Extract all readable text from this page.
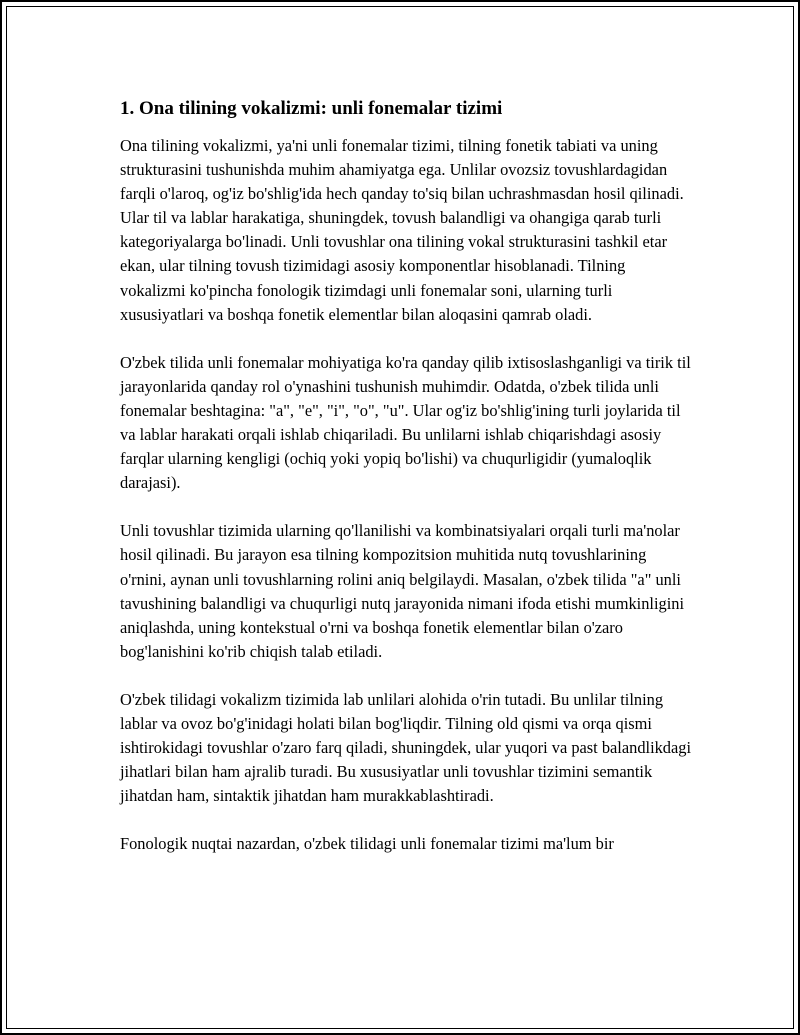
1. Ona tilining vokalizmi: unli fonemalar tizimi

Ona tilining vokalizmi, ya'ni unli fonemalar tizimi, tilning fonetik tabiati va uning strukturasini tushunishda muhim ahamiyatga ega. Unlilar ovozsiz tovushlardagidan farqli o'laroq, og'iz bo'shlig'ida hech qanday to'siq bilan uchrashmasdan hosil qilinadi. Ular til va lablar harakatiga, shuningdek, tovush balandligi va ohangiga qarab turli kategoriyalarga bo'linadi. Unli tovushlar ona tilining vokal strukturasini tashkil etar ekan, ular tilning tovush tizimidagi asosiy komponentlar hisoblanadi. Tilning vokalizmi ko'pincha fonologik tizimdagi unli fonemalar soni, ularning turli xususiyatlari va boshqa fonetik elementlar bilan aloqasini qamrab oladi.

O'zbek tilida unli fonemalar mohiyatiga ko'ra qanday qilib ixtisoslashganligi va tirik til jarayonlarida qanday rol o'ynashini tushunish muhimdir. Odatda, o'zbek tilida unli fonemalar beshtagina: "a", "e", "i", "o", "u". Ular og'iz bo'shlig'ining turli joylarida til va lablar harakati orqali ishlab chiqariladi. Bu unlilarni ishlab chiqarishdagi asosiy farqlar ularning kengligi (ochiq yoki yopiq bo'lishi) va chuqurligidir (yumaloqlik darajasi).

Unli tovushlar tizimida ularning qo'llanilishi va kombinatsiyalari orqali turli ma'nolar hosil qilinadi. Bu jarayon esa tilning kompozitsion muhitida nutq tovushlarining o'rnini, aynan unli tovushlarning rolini aniq belgilaydi. Masalan, o'zbek tilida "a" unli tavushining balandligi va chuqurligi nutq jarayonida nimani ifoda etishi mumkinligini aniqlashda, uning kontekstual o'rni va boshqa fonetik elementlar bilan o'zaro bog'lanishini ko'rib chiqish talab etiladi.

O'zbek tilidagi vokalizm tizimida lab unlilari alohida o'rin tutadi. Bu unlilar tilning lablar va ovoz bo'g'inidagi holati bilan bog'liqdir. Tilning old qismi va orqa qismi ishtirokidagi tovushlar o'zaro farq qiladi, shuningdek, ular yuqori va past balandlikdagi jihatlari bilan ham ajralib turadi. Bu xususiyatlar unli tovushlar tizimini semantik jihatdan ham, sintaktik jihatdan ham murakkablashtiradi.

Fonologik nuqtai nazardan, o'zbek tilidagi unli fonemalar tizimi ma'lum bir
